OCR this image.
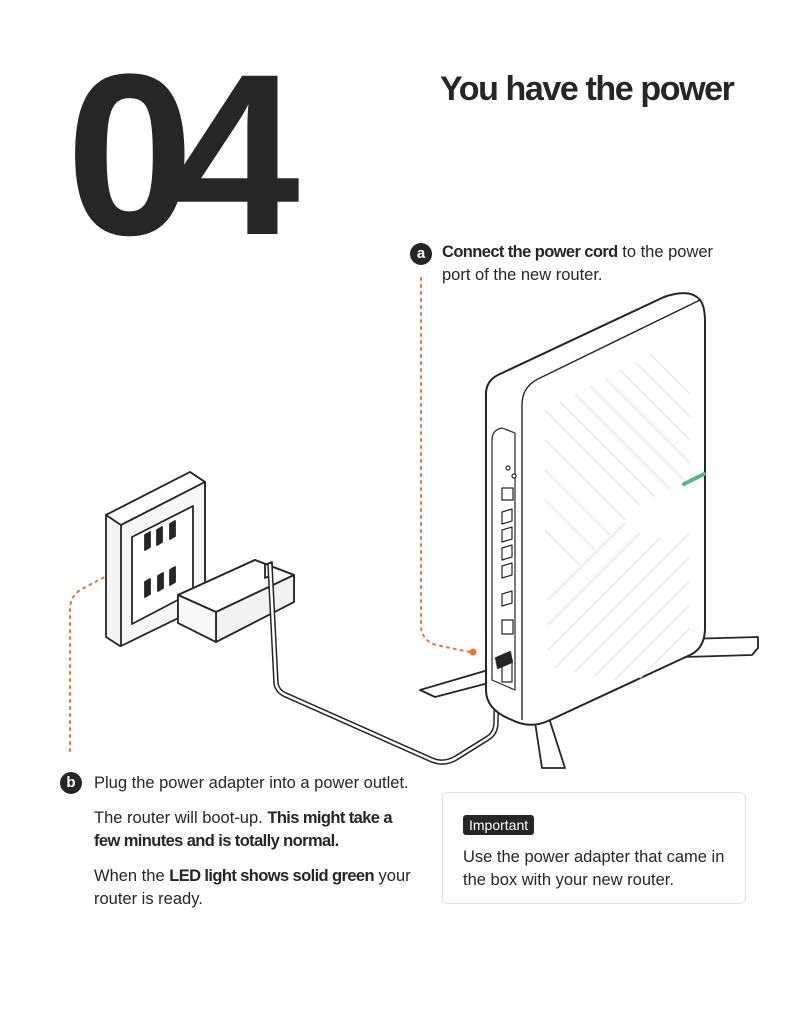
04	You have the power
a	Connect the power cord to the power port of the new router.
b	Plug the power adapter into a power outlet.

The router will boot-up. This might take a few minutes and is totally normal.

When the LED light shows solid green your router is ready.

Important
Use the power adapter that came in the box with your new router.
